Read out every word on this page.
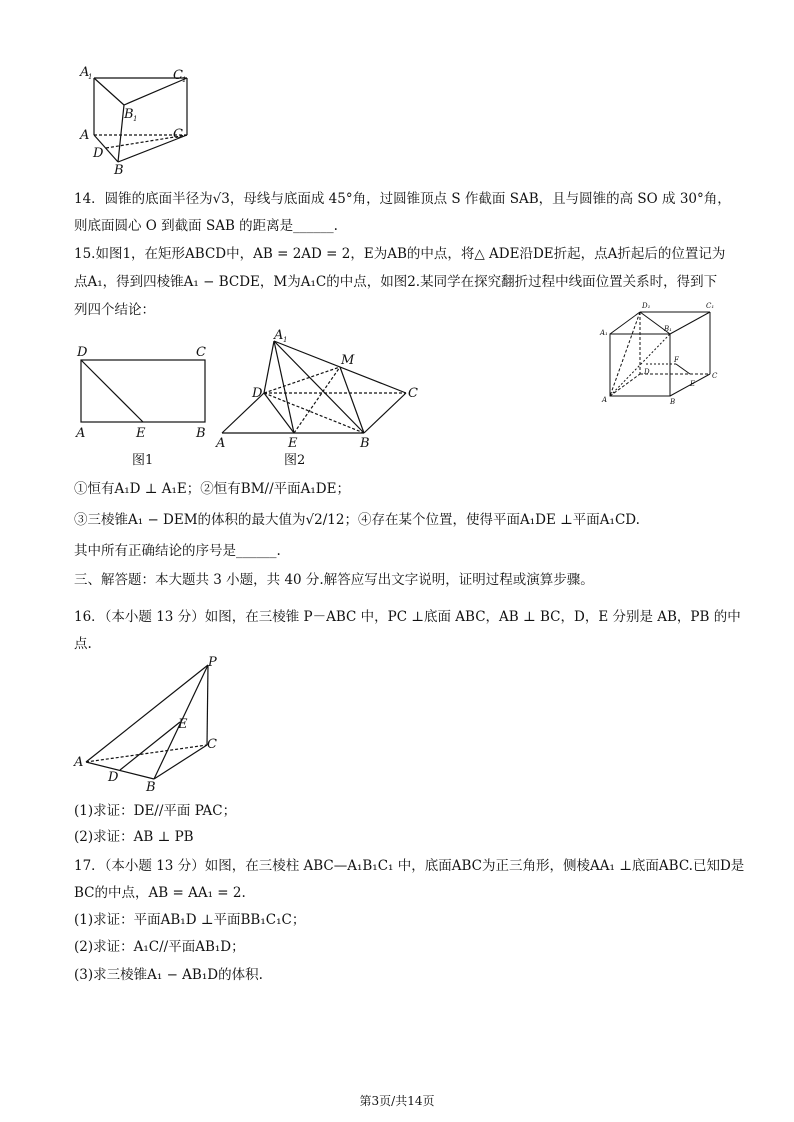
A
1	C 1
B 1
A	C
D
B
14．圆锥的底面半径为√3，母线与底面成 45°角，过圆锥顶点 S 作截面 SAB，且与圆锥的高 SO 成 30°角，
则底面圆心 O 到截面 SAB 的距离是______.
15.如图1，在矩形ABCD中，AB = 2AD = 2，E为AB的中点，将△ ADE沿DE折起，点A折起后的位置记为
点A₁，得到四棱锥A₁ − BCDE，M为A₁C的中点，如图2.某同学在探究翻折过程中线面位置关系时，得到下
列四个结论：	D₁	C₁
A₁	B₁
D
F
E
C
A	B
D	C
A	E	B
图1
A 1
M
D	C
A	E	B
图2
①恒有A₁D ⊥ A₁E；②恒有BM//平面A₁DE；
③三棱锥A₁ − DEM的体积的最大值为√2/12；④存在某个位置，使得平面A₁DE ⊥平面A₁CD.
其中所有正确结论的序号是______.
三、解答题：本大题共 3 小题，共 40 分.解答应写出文字说明，证明过程或演算步骤。
16．（本小题 13 分）如图，在三棱锥 P－ABC 中，PC ⊥底面 ABC，AB ⊥ BC，D，E 分别是 AB，PB 的中
点.
P
E
C
A
D
B
(1)求证：DE//平面 PAC；
(2)求证：AB ⊥ PB
17．（本小题 13 分）如图，在三棱柱 ABC—A₁B₁C₁ 中，底面ABC为正三角形，侧棱AA₁ ⊥底面ABC.已知D是
BC的中点，AB = AA₁ = 2.
(1)求证：平面AB₁D ⊥平面BB₁C₁C；
(2)求证：A₁C//平面AB₁D；
(3)求三棱锥A₁ − AB₁D的体积.
第3页/共14页
